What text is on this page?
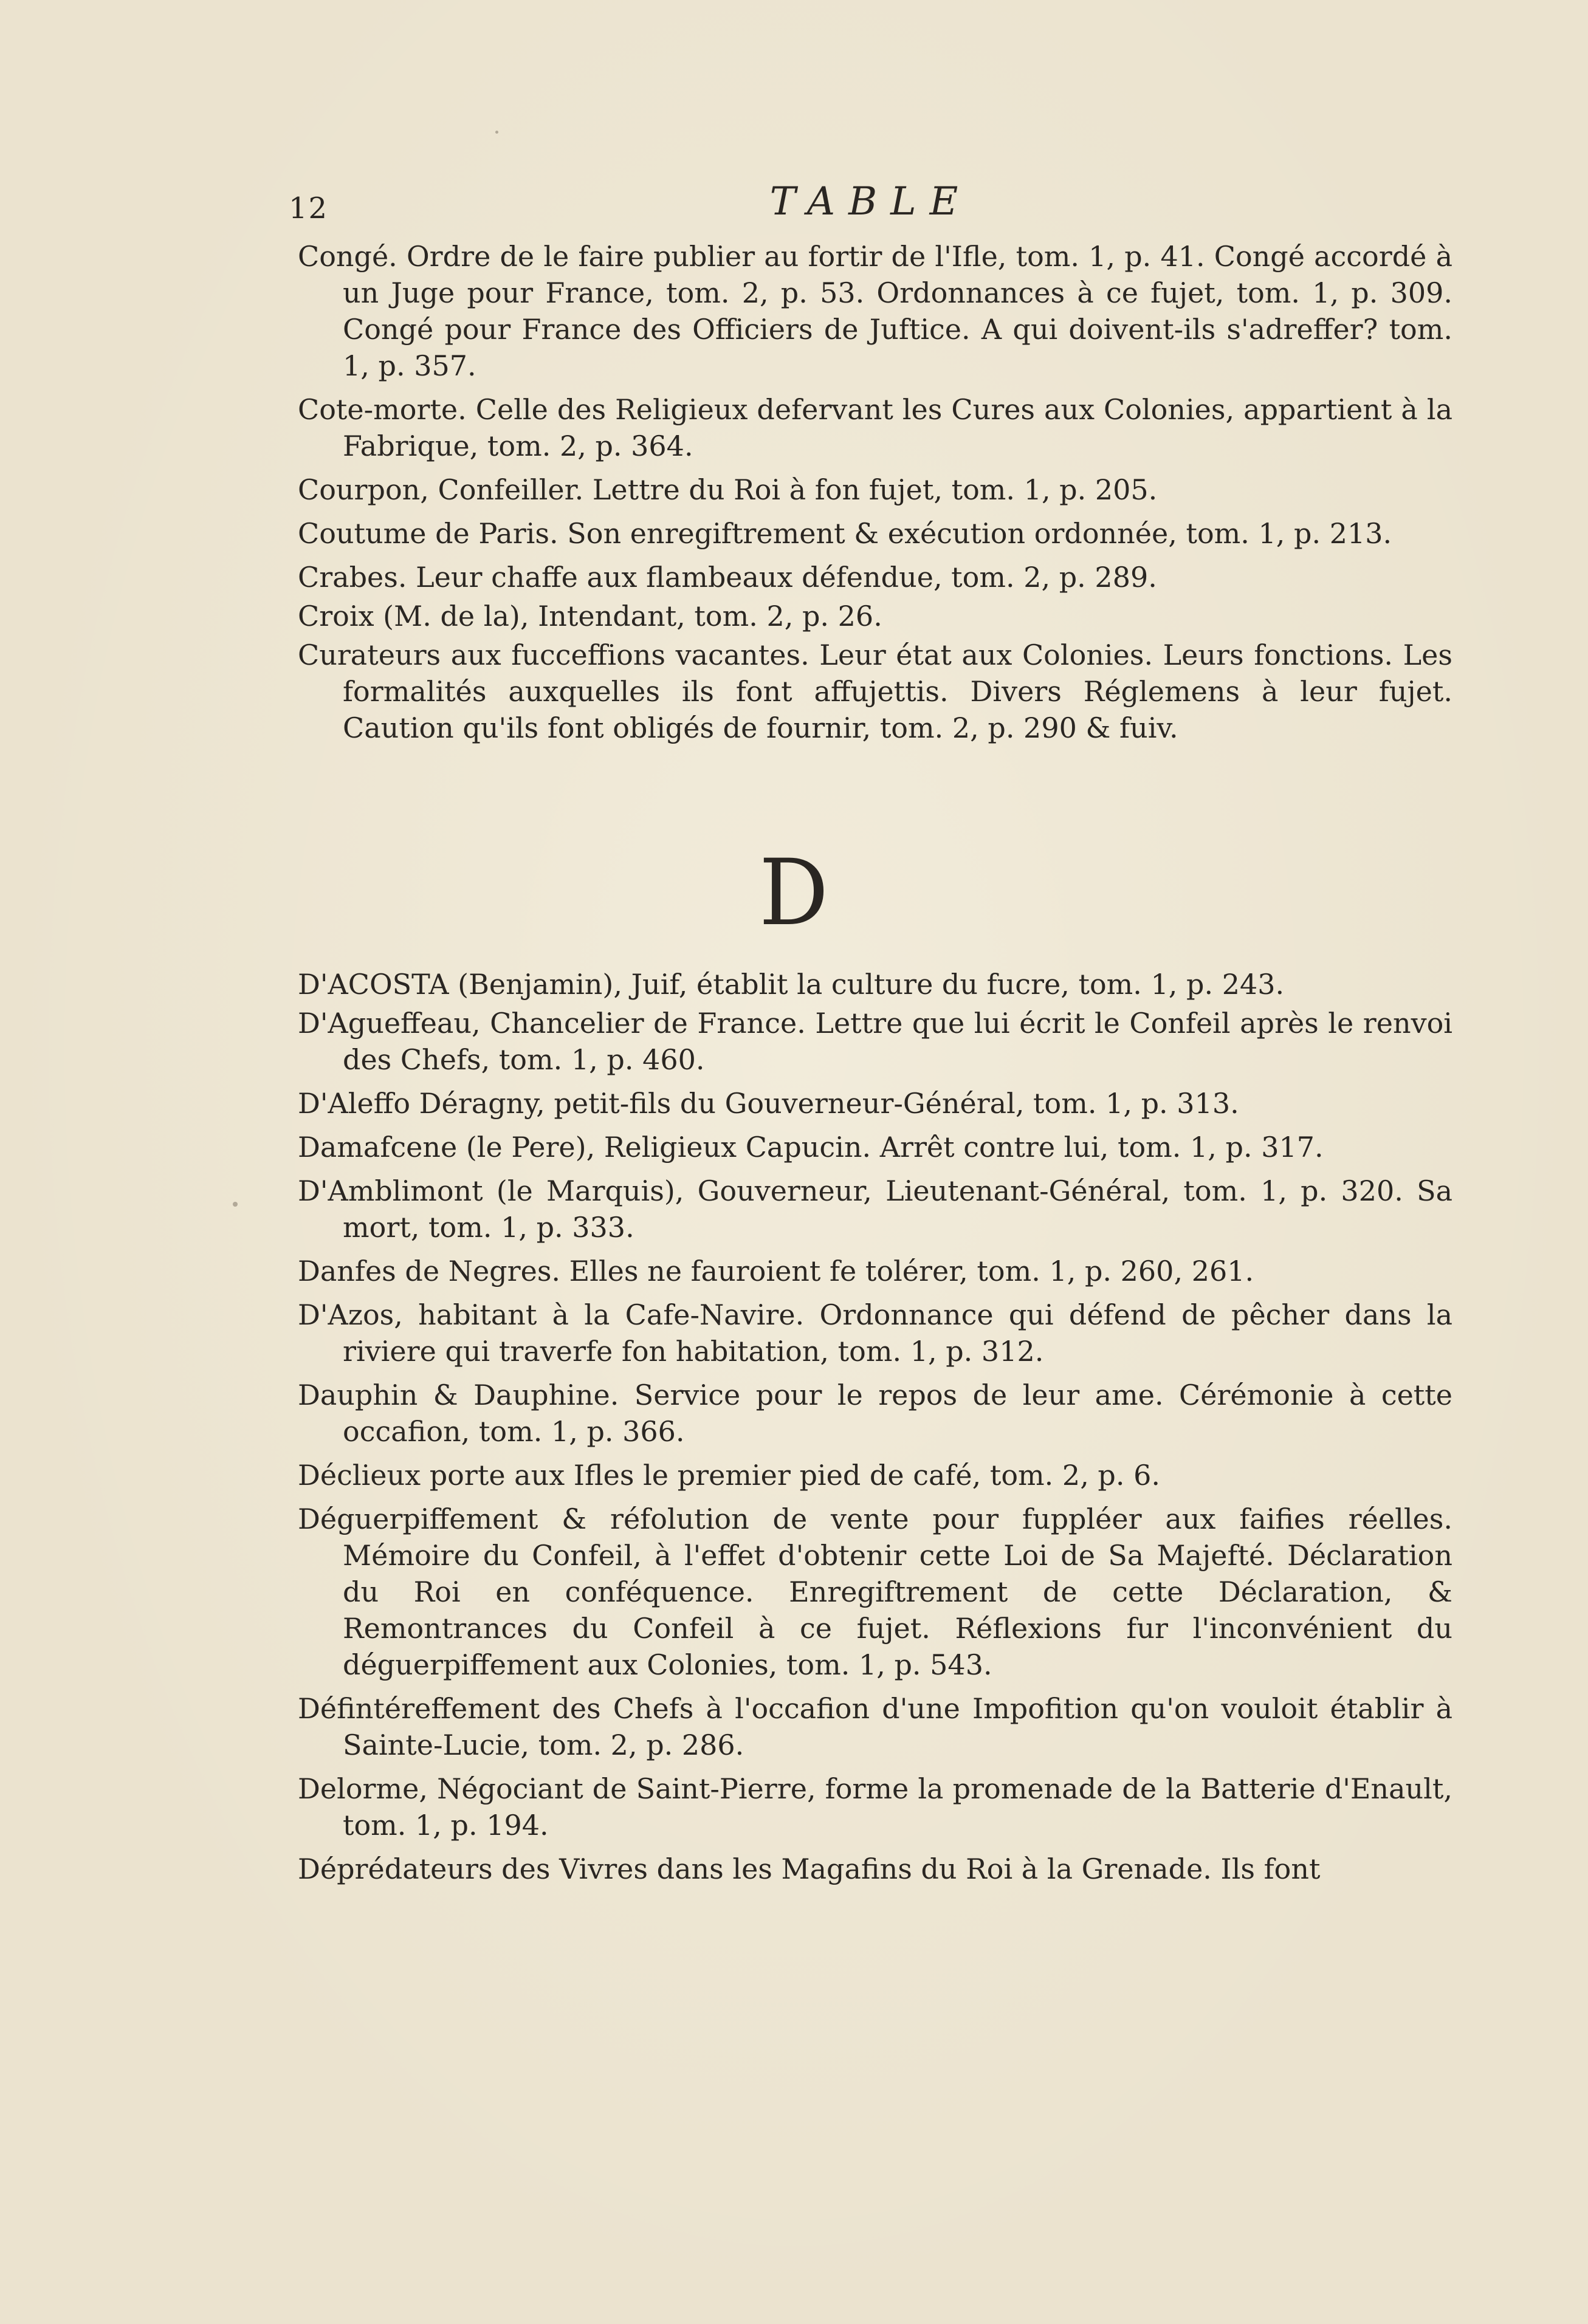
12	TABLE

Congé. Ordre de le faire publier au fortir de l'Ifle, tom. 1, p. 41. Congé accordé à un Juge pour France, tom. 2, p. 53. Ordonnances à ce fujet, tom. 1, p. 309. Congé pour France des Officiers de Juftice. A qui doivent-ils s'adreffer? tom. 1, p. 357.

Cote-morte. Celle des Religieux defervant les Cures aux Colonies, appartient à la Fabrique, tom. 2, p. 364.

Courpon, Confeiller. Lettre du Roi à fon fujet, tom. 1, p. 205.

Coutume de Paris. Son enregiftrement & exécution ordonnée, tom. 1, p. 213.

Crabes. Leur chaffe aux flambeaux défendue, tom. 2, p. 289.

Croix (M. de la), Intendant, tom. 2, p. 26.

Curateurs aux fucceffions vacantes. Leur état aux Colonies. Leurs fonctions. Les formalités auxquelles ils font affujettis. Divers Réglemens à leur fujet. Caution qu'ils font obligés de fournir, tom. 2, p. 290 & fuiv.

D

D'ACOSTA (Benjamin), Juif, établit la culture du fucre, tom. 1, p. 243.

D'Agueffeau, Chancelier de France. Lettre que lui écrit le Confeil après le renvoi des Chefs, tom. 1, p. 460.

D'Aleffo Déragny, petit-fils du Gouverneur-Général, tom. 1, p. 313.

Damafcene (le Pere), Religieux Capucin. Arrêt contre lui, tom. 1, p. 317.

D'Amblimont (le Marquis), Gouverneur, Lieutenant-Général, tom. 1, p. 320. Sa mort, tom. 1, p. 333.

Danfes de Negres. Elles ne fauroient fe tolérer, tom. 1, p. 260, 261.

D'Azos, habitant à la Cafe-Navire. Ordonnance qui défend de pêcher dans la riviere qui traverfe fon habitation, tom. 1, p. 312.

Dauphin & Dauphine. Service pour le repos de leur ame. Cérémonie à cette occafion, tom. 1, p. 366.

Déclieux porte aux Ifles le premier pied de café, tom. 2, p. 6.

Déguerpiffement & réfolution de vente pour fuppléer aux faifies réelles. Mémoire du Confeil, à l'effet d'obtenir cette Loi de Sa Majefté. Déclaration du Roi en conféquence. Enregiftrement de cette Déclaration, & Remontrances du Confeil à ce fujet. Réflexions fur l'inconvénient du déguerpiffement aux Colonies, tom. 1, p. 543.

Défintéreffement des Chefs à l'occafion d'une Impofition qu'on vouloit établir à Sainte-Lucie, tom. 2, p. 286.

Delorme, Négociant de Saint-Pierre, forme la promenade de la Batterie d'Enault, tom. 1, p. 194.

Déprédateurs des Vivres dans les Magafins du Roi à la Grenade. Ils font
